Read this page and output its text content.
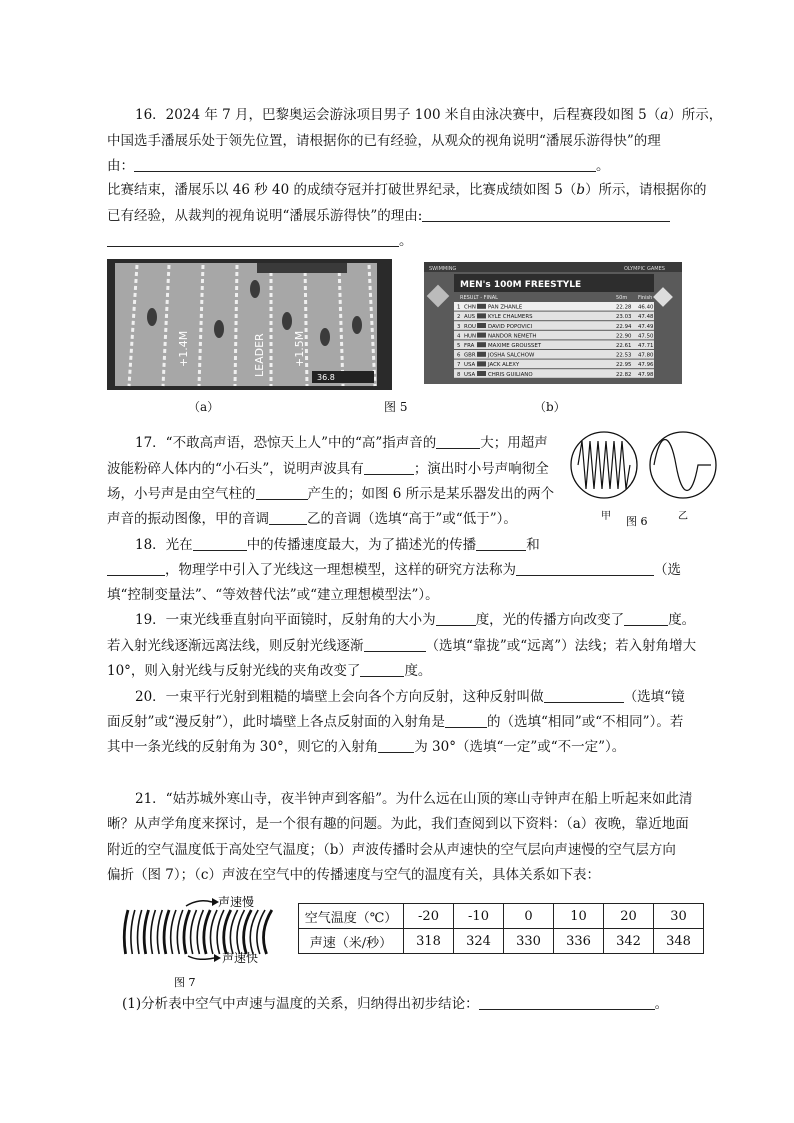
16．2024 年 7 月，巴黎奥运会游泳项目男子 100 米自由泳决赛中，后程赛段如图 5（a）所示，
中国选手潘展乐处于领先位置，请根据你的已有经验，从观众的视角说明“潘展乐游得快”的理
由：	。
比赛结束，潘展乐以 46 秒 40 的成绩夺冠并打破世界纪录，比赛成绩如图 5（b）所示，请根据你的
已有经验，从裁判的视角说明“潘展乐游得快”的理由:
。
36.8
+1.4M	LEADER +1.5M
SWIMMING	OLYMPIC GAMES
MEN's 100M FREESTYLE
RESULT - FINAL	50m Finish
1 CHN PAN ZHANLE	22.28 46.40
2 AUS KYLE CHALMERS	23.03 47.48
3 ROU DAVID POPOVICI	22.94 47.49
4 HUN NANDOR NEMETH	22.90 47.50
5 FRA	MAXIME GROUSSET	22.61 47.71
6 GBR JOSHA SALCHOW	22.53 47.80
7 USA JACK ALEXY	22.95 47.96
8 USA CHRIS GUILIANO	22.82 47.98
（a）	图 5	（b）
17．“不敢高声语，恐惊天上人”中的“高”指声音的	大；用超声
波能粉碎人体内的“小石头”，说明声波具有	；演出时小号声响彻全
场，小号声是由空气柱的	产生的；如图 6 所示是某乐器发出的两个
声音的振动图像，甲的音调	乙的音调（选填“高于”或“低于”）。	甲 图 6	乙
18．光在	中的传播速度最大，为了描述光的传播	和
，物理学中引入了光线这一理想模型，这样的研究方法称为	（选
填“控制变量法”、“等效替代法”或“建立理想模型法”）。
19．一束光线垂直射向平面镜时，反射角的大小为	度，光的传播方向改变了	度。
若入射光线逐渐远离法线，则反射光线逐渐	（选填“靠拢”或“远离”）法线；若入射角增大
10°，则入射光线与反射光线的夹角改变了	度。
20．一束平行光射到粗糙的墙壁上会向各个方向反射，这种反射叫做	（选填“镜
面反射”或“漫反射”），此时墙壁上各点反射面的入射角是	的（选填“相同”或“不相同”）。若
其中一条光线的反射角为 30°，则它的入射角	为 30°（选填“一定”或“不一定”）。
21．“姑苏城外寒山寺，夜半钟声到客船”。为什么远在山顶的寒山寺钟声在船上听起来如此清
晰？从声学角度来探讨，是一个很有趣的问题。为此，我们查阅到以下资料：（a）夜晚，靠近地面
附近的空气温度低于高处空气温度；（b）声波传播时会从声速快的空气层向声速慢的空气层方向
偏折（图 7）；（c）声波在空气中的传播速度与空气的温度有关，具体关系如下表：
声速慢
声速快
图 7
空气温度（℃）	-20	-10	0	10	20	30
声速（米/秒）	318	324	330	336	342	348
(1)分析表中空气中声速与温度的关系，归纳得出初步结论：	。
